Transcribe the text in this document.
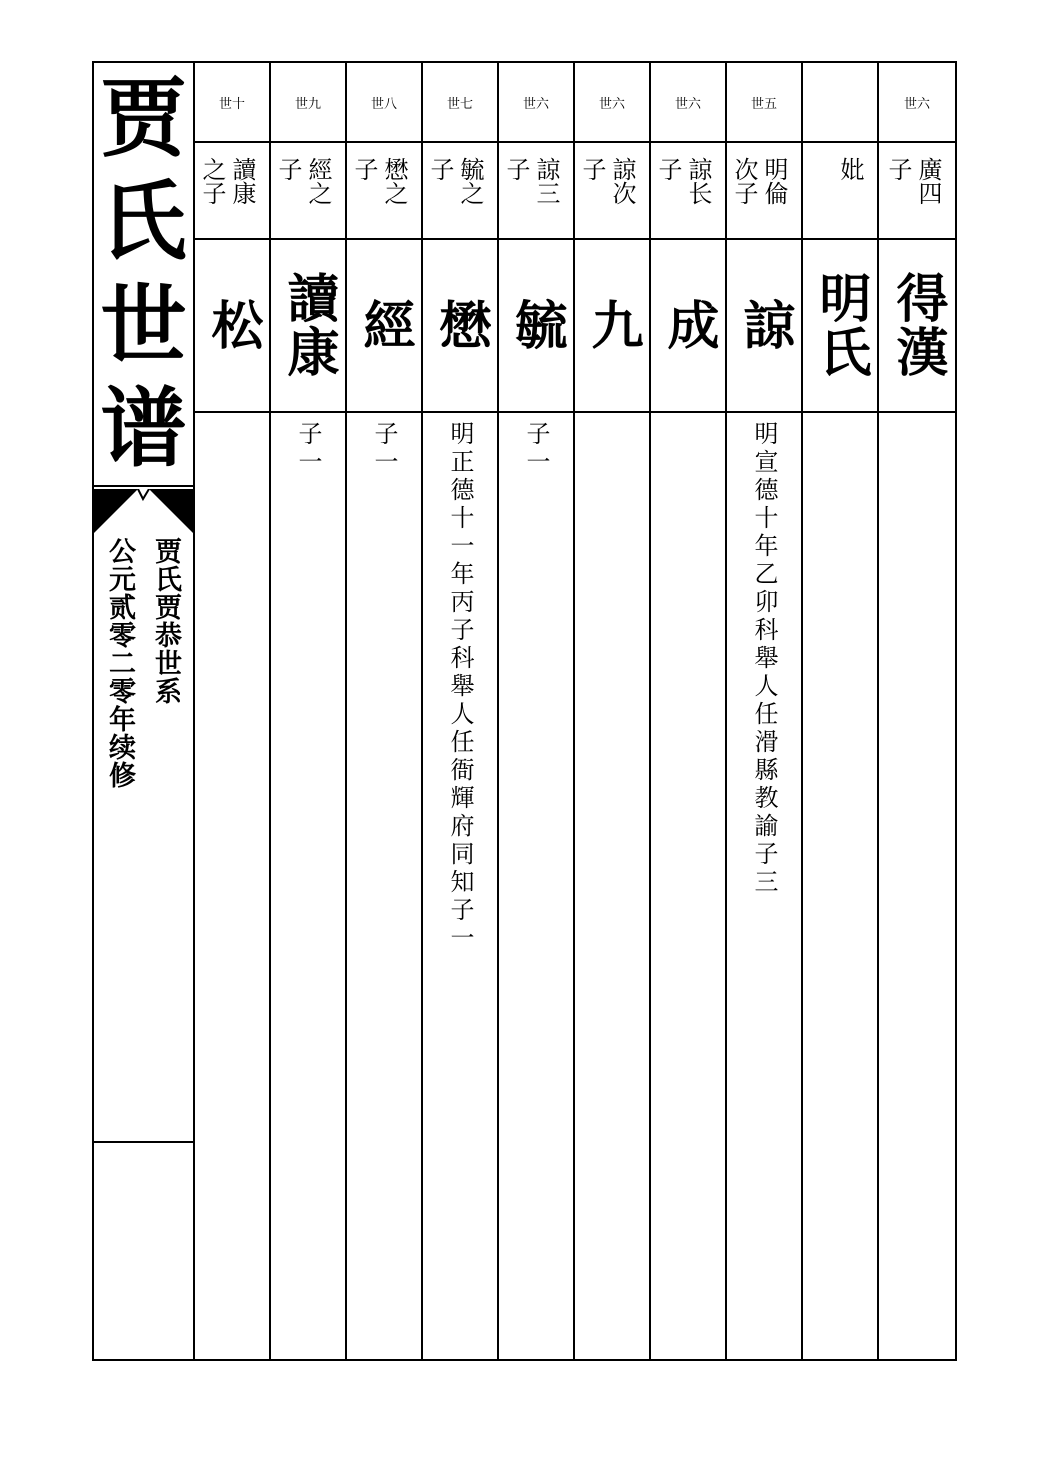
贾
氏
世
谱
贾氏贾恭世系
公元贰零二零年续修
世十
讀康之子
松
世九
經之子
讀康
子一
世八
懋之子
經
子一
世七
毓之子
懋
明正德十一年丙子科舉人任衙輝府同知子一
世六
諒三子
毓
子一
世六
諒次子
九
世六
諒长子
成
世五
明倫次子
諒
明宣德十年乙卯科舉人任滑縣教諭子三
妣
明氏
世六
廣四子
得漢
